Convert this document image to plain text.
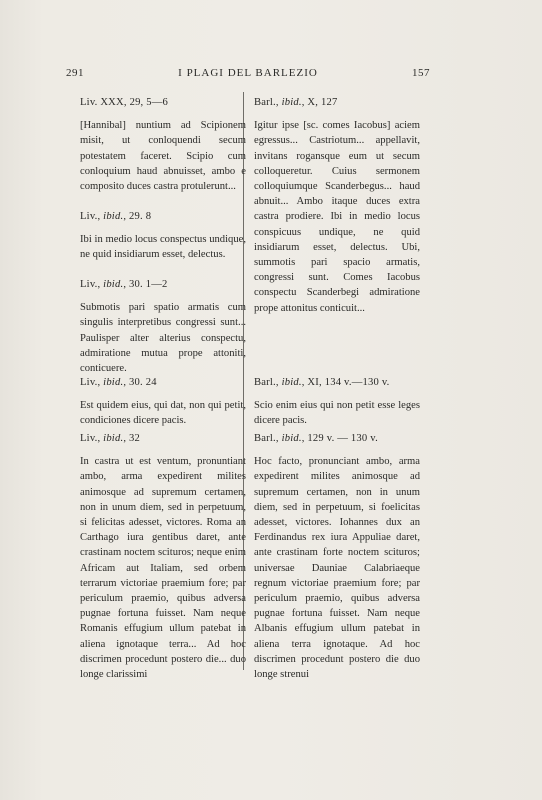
291	I PLAGI DEL BARLEZIO	157
Liv. XXX, 29, 5—6
[Hannibal] nuntium ad Scipionem misit, ut conloquendi secum potestatem faceret. Scipio cum conloquium haud abnuisset, ambo e composito duces castra protulerunt...
Liv., ibid., 29. 8
Ibi in medio locus conspectus undique, ne quid insidiarum esset, delectus.
Liv., ibid., 30. 1—2
Submotis pari spatio armatis cum singulis interpretibus congressi sunt... Paulisper alter alterius conspectu, admiratione mutua prope attoniti, conticuere.
Liv., ibid., 30. 24
Est quidem eius, qui dat, non qui petit, condiciones dicere pacis.
Liv., ibid., 32
In castra ut est ventum, pronuntiant ambo, arma expedirent milites animosque ad supremum certamen, non in unum diem, sed in perpetuum, si felicitas adesset, victores. Roma an Carthago iura gentibus daret, ante crastinam noctem scituros; neque enim Africam aut Italiam, sed orbem terrarum victoriae praemium fore; par periculum praemio, quibus adversa pugnae fortuna fuisset. Nam neque Romanis effugium ullum patebat in aliena ignotaque terra... Ad hoc discrimen procedunt postero die... duo longe clarissimi
Barl., ibid., X, 127
Igitur ipse [sc. comes Iacobus] aciem egressus... Castriotum... appellavit, invitans rogansque eum ut secum colloqueretur. Cuius sermonem colloquiumque Scanderbegus... haud abnuit... Ambo itaque duces extra castra prodiere. Ibi in medio locus conspicuus undique, ne quid insidiarum esset, delectus. Ubi, summotis pari spacio armatis, congressi sunt. Comes Iacobus conspectu Scanderbegi admiratione prope attonitus conticuit...
Barl., ibid., XI, 134 v.—130 v.
Scio enim eius qui non petit esse leges dicere pacis.
Barl., ibid., 129 v. — 130 v.
Hoc facto, pronunciant ambo, arma expedirent milites animosque ad supremum certamen, non in unum diem, sed in perpetuum, si foelicitas adesset, victores. Iohannes dux an Ferdinandus rex iura Appuliae daret, ante crastinam forte noctem scituros; universae Dauniae Calabriaeque regnum victoriae praemium fore; par periculum praemio, quibus adversa pugnae fortuna fuisset. Nam neque Albanis effugium ullum patebat in aliena terra ignotaque. Ad hoc discrimen procedunt postero die duo longe strenui
